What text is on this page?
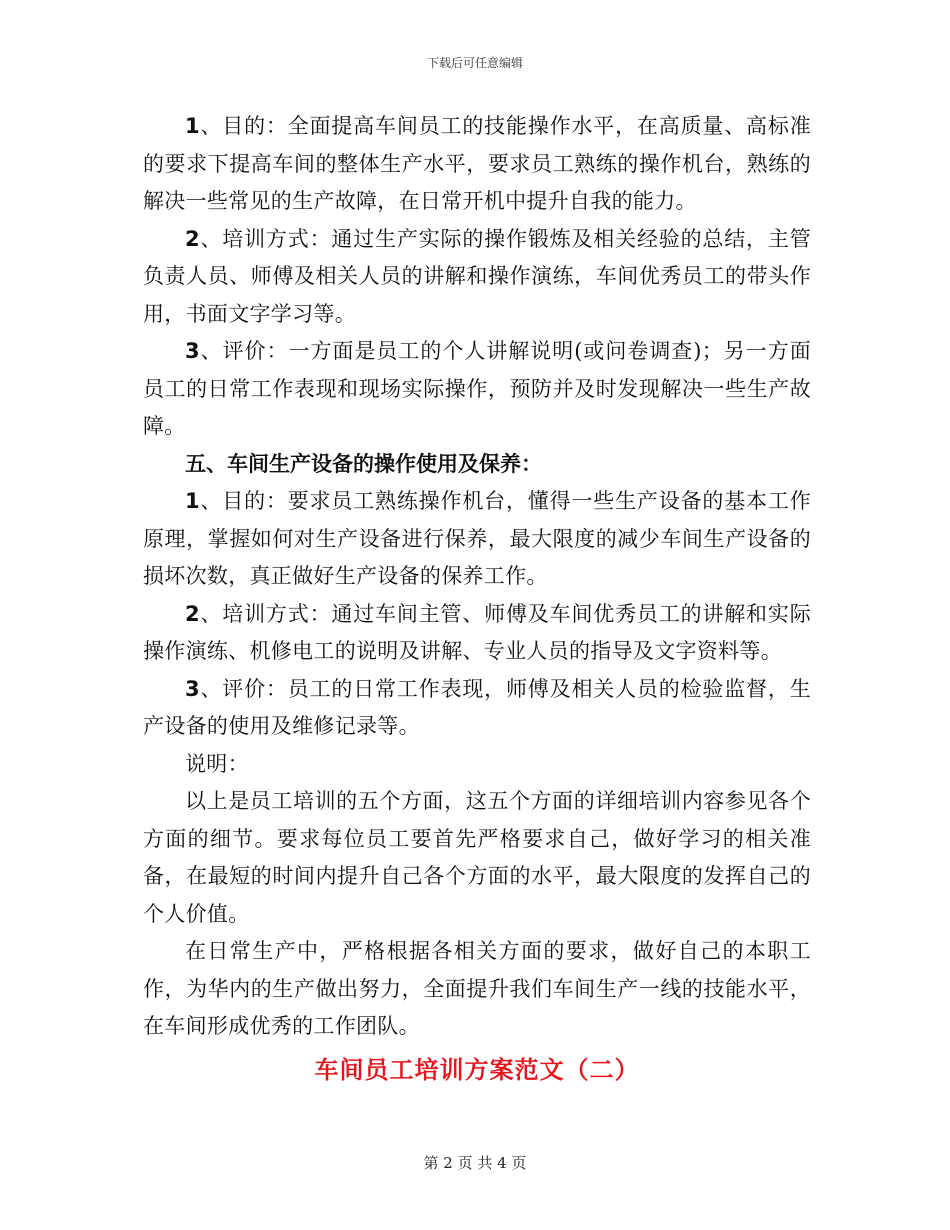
下载后可任意编辑

1、目的：全面提高车间员工的技能操作水平，在高质量、高标准的要求下提高车间的整体生产水平，要求员工熟练的操作机台，熟练的解决一些常见的生产故障，在日常开机中提升自我的能力。

2、培训方式：通过生产实际的操作锻炼及相关经验的总结，主管负责人员、师傅及相关人员的讲解和操作演练，车间优秀员工的带头作用，书面文字学习等。

3、评价：一方面是员工的个人讲解说明(或问卷调查)；另一方面员工的日常工作表现和现场实际操作，预防并及时发现解决一些生产故障。

五、车间生产设备的操作使用及保养：

1、目的：要求员工熟练操作机台，懂得一些生产设备的基本工作原理，掌握如何对生产设备进行保养，最大限度的减少车间生产设备的损坏次数，真正做好生产设备的保养工作。

2、培训方式：通过车间主管、师傅及车间优秀员工的讲解和实际操作演练、机修电工的说明及讲解、专业人员的指导及文字资料等。

3、评价：员工的日常工作表现，师傅及相关人员的检验监督，生产设备的使用及维修记录等。

说明：

以上是员工培训的五个方面，这五个方面的详细培训内容参见各个方面的细节。要求每位员工要首先严格要求自己，做好学习的相关准备，在最短的时间内提升自己各个方面的水平，最大限度的发挥自己的个人价值。

在日常生产中，严格根据各相关方面的要求，做好自己的本职工作，为华内的生产做出努力，全面提升我们车间生产一线的技能水平，在车间形成优秀的工作团队。

车间员工培训方案范文（二）
第 2 页 共 4 页
